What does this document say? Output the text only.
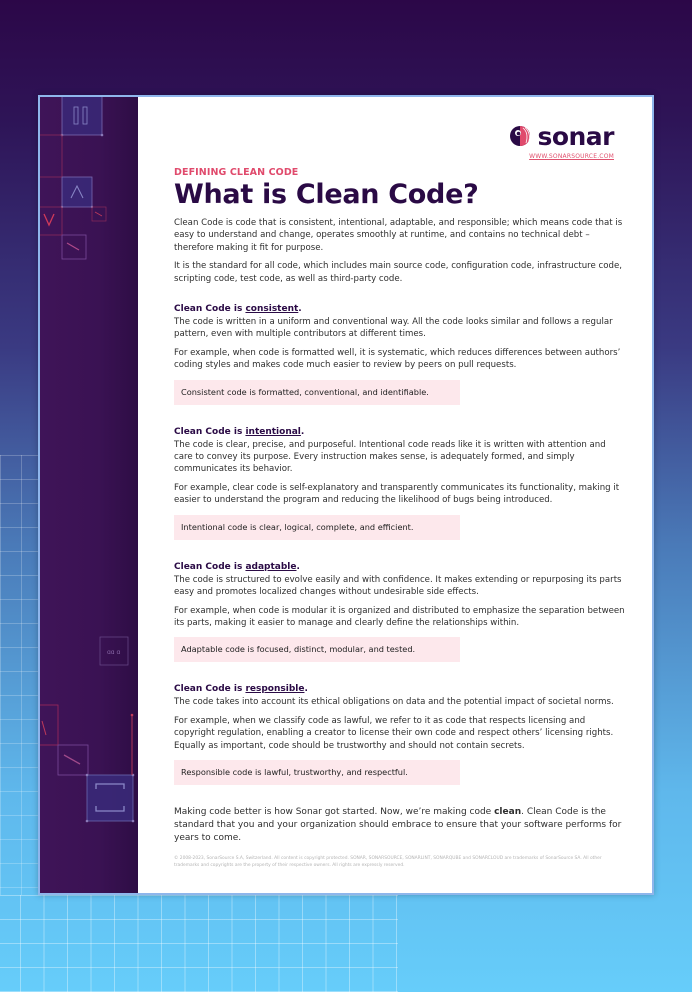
ɑɑ ɑ
sonar
WWW.SONARSOURCE.COM
DEFINING CLEAN CODE
What is Clean Code?

Clean Code is code that is consistent, intentional, adaptable, and responsible; which means code that is easy to understand and change, operates smoothly at runtime, and contains no technical debt – therefore making it fit for purpose.

It is the standard for all code, which includes main source code, configuration code, infrastructure code, scripting code, test code, as well as third-party code.

Clean Code is consistent.

The code is written in a uniform and conventional way. All the code looks similar and follows a regular pattern, even with multiple contributors at different times.

For example, when code is formatted well, it is systematic, which reduces differences between authors’ coding styles and makes code much easier to review by peers on pull requests.

Consistent code is formatted, conventional, and identifiable.
Clean Code is intentional.

The code is clear, precise, and purposeful. Intentional code reads like it is written with attention and care to convey its purpose. Every instruction makes sense, is adequately formed, and simply communicates its behavior.

For example, clear code is self-explanatory and transparently communicates its functionality, making it easier to understand the program and reducing the likelihood of bugs being introduced.

Intentional code is clear, logical, complete, and efficient.
Clean Code is adaptable.

The code is structured to evolve easily and with confidence. It makes extending or repurposing its parts easy and promotes localized changes without undesirable side effects.

For example, when code is modular it is organized and distributed to emphasize the separation between its parts, making it easier to manage and clearly define the relationships within.

Adaptable code is focused, distinct, modular, and tested.
Clean Code is responsible.

The code takes into account its ethical obligations on data and the potential impact of societal norms.

For example, when we classify code as lawful, we refer to it as code that respects licensing and copyright regulation, enabling a creator to license their own code and respect others’ licensing rights. Equally as important, code should be trustworthy and should not contain secrets.

Responsible code is lawful, trustworthy, and respectful.

Making code better is how Sonar got started. Now, we’re making code clean. Clean Code is the standard that you and your organization should embrace to ensure that your software performs for years to come.

© 2008-2023, SonarSource S.A, Switzerland. All content is copyright protected. SONAR, SONARSOURCE, SONARLINT, SONARQUBE and SONARCLOUD are trademarks of SonarSource SA. All other trademarks and copyrights are the property of their respective owners. All rights are expressly reserved.
